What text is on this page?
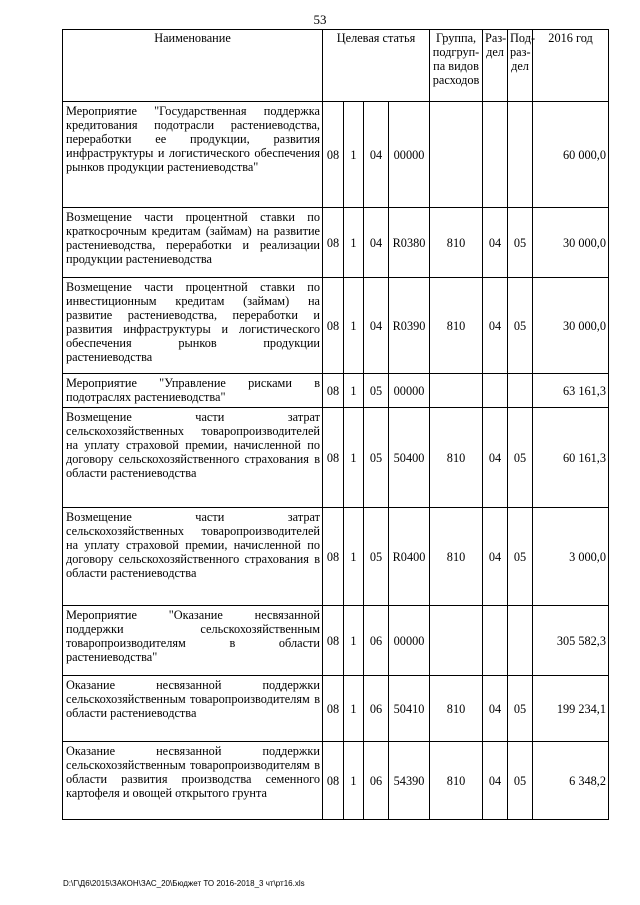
53
Наименование	Целевая статья				Группа, подгруп-па видов расходов	Раз-дел	Под-раз-дел	2016 год
Мероприятие "Государственная поддержка кредитования подотрасли растениеводства, переработки ее продукции, развития инфраструктуры и логистического обеспечения рынков продукции растениеводства"	08	1	04	00000				60 000,0
Возмещение части процентной ставки по краткосрочным кредитам (займам) на развитие растениеводства, переработки и реализации продукции растениеводства	08	1	04	R0380	810	04	05	30 000,0
Возмещение части процентной ставки по инвестиционным кредитам (займам) на развитие растениеводства, переработки и развития инфраструктуры и логистического обеспечения рынков продукции растениеводства	08	1	04	R0390	810	04	05	30 000,0
Мероприятие "Управление рисками в подотраслях растениеводства"	08	1	05	00000				63 161,3
Возмещение части затрат сельскохозяйственных товаропроизводителей на уплату страховой премии, начисленной по договору сельскохозяйственного страхования в области растениеводства	08	1	05	50400	810	04	05	60 161,3
Возмещение части затрат сельскохозяйственных товаропроизводителей на уплату страховой премии, начисленной по договору сельскохозяйственного страхования в области растениеводства	08	1	05	R0400	810	04	05	3 000,0
Мероприятие "Оказание несвязанной поддержки сельскохозяйственным товаропроизводителям в области растениеводства"	08	1	06	00000				305 582,3
Оказание несвязанной поддержки сельскохозяйственным товаропроизводителям в области растениеводства	08	1	06	50410	810	04	05	199 234,1
Оказание несвязанной поддержки сельскохозяйственным товаропроизводителям в области развития производства семенного картофеля и овощей открытого грунта	08	1	06	54390	810	04	05	6 348,2
D:\Г\Д6\2015\ЗАКОН\ЗАС_20\Бюджет ТО 2016-2018_3 чт\рт16.xls
